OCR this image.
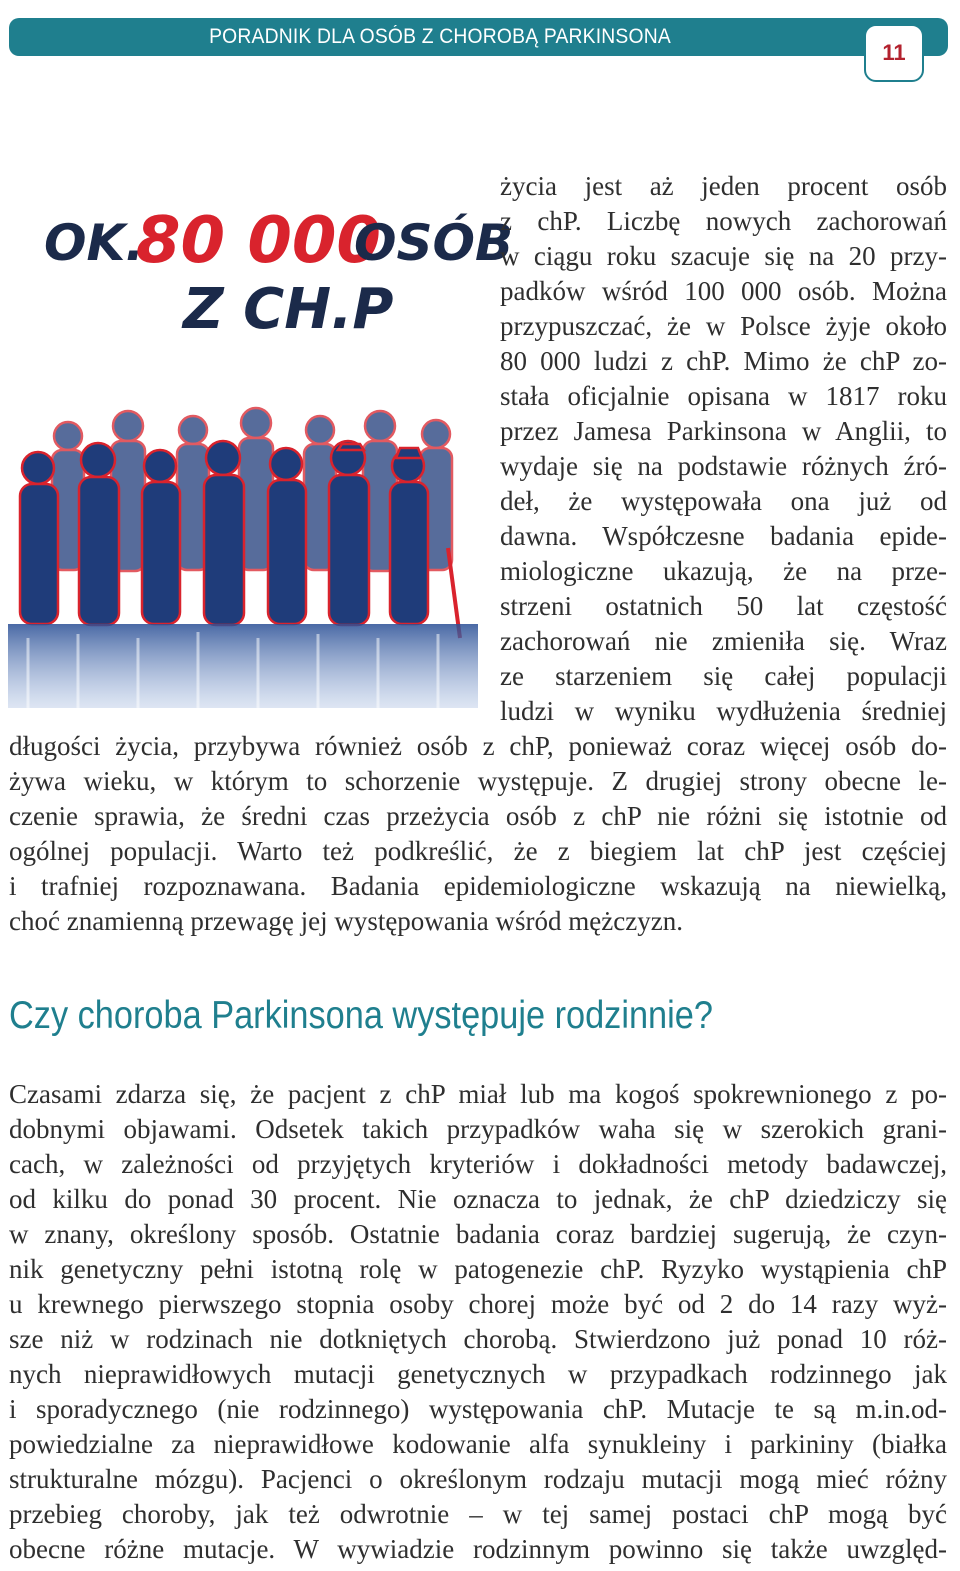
PORADNIK DLA OSÓB Z CHOROBĄ PARKINSONA
11
OK.
80 000
OSÓB
Z CH.P
życia jest aż jeden procent osób
z chP. Liczbę nowych zachorowań
w ciągu roku szacuje się na 20 przy-
padków wśród 100 000 osób. Można
przypuszczać, że w Polsce żyje około
80 000 ludzi z chP. Mimo że chP zo-
stała oficjalnie opisana w 1817 roku
przez Jamesa Parkinsona w Anglii, to
wydaje się na podstawie różnych źró-
deł, że występowała ona już od
dawna. Współczesne badania epide-
miologiczne ukazują, że na prze-
strzeni ostatnich 50 lat częstość
zachorowań nie zmieniła się. Wraz
ze starzeniem się całej populacji
ludzi w wyniku wydłużenia średniej
długości życia, przybywa również osób z chP, ponieważ coraz więcej osób do-
żywa wieku, w którym to schorzenie występuje. Z drugiej strony obecne le-
czenie sprawia, że średni czas przeżycia osób z chP nie różni się istotnie od
ogólnej populacji. Warto też podkreślić, że z biegiem lat chP jest częściej
i trafniej rozpoznawana. Badania epidemiologiczne wskazują na niewielką,
choć znamienną przewagę jej występowania wśród mężczyzn.
Czy choroba Parkinsona występuje rodzinnie?
Czasami zdarza się, że pacjent z chP miał lub ma kogoś spokrewnionego z po-
dobnymi objawami. Odsetek takich przypadków waha się w szerokich grani-
cach, w zależności od przyjętych kryteriów i dokładności metody badawczej,
od kilku do ponad 30 procent. Nie oznacza to jednak, że chP dziedziczy się
w znany, określony sposób. Ostatnie badania coraz bardziej sugerują, że czyn-
nik genetyczny pełni istotną rolę w patogenezie chP. Ryzyko wystąpienia chP
u krewnego pierwszego stopnia osoby chorej może być od 2 do 14 razy wyż-
sze niż w rodzinach nie dotkniętych chorobą. Stwierdzono już ponad 10 róż-
nych nieprawidłowych mutacji genetycznych w przypadkach rodzinnego jak
i sporadycznego (nie rodzinnego) występowania chP. Mutacje te są m.in.od-
powiedzialne za nieprawidłowe kodowanie alfa synukleiny i parkininy (białka
strukturalne mózgu). Pacjenci o określonym rodzaju mutacji mogą mieć różny
przebieg choroby, jak też odwrotnie – w tej samej postaci chP mogą być
obecne różne mutacje. W wywiadzie rodzinnym powinno się także uwzględ-
